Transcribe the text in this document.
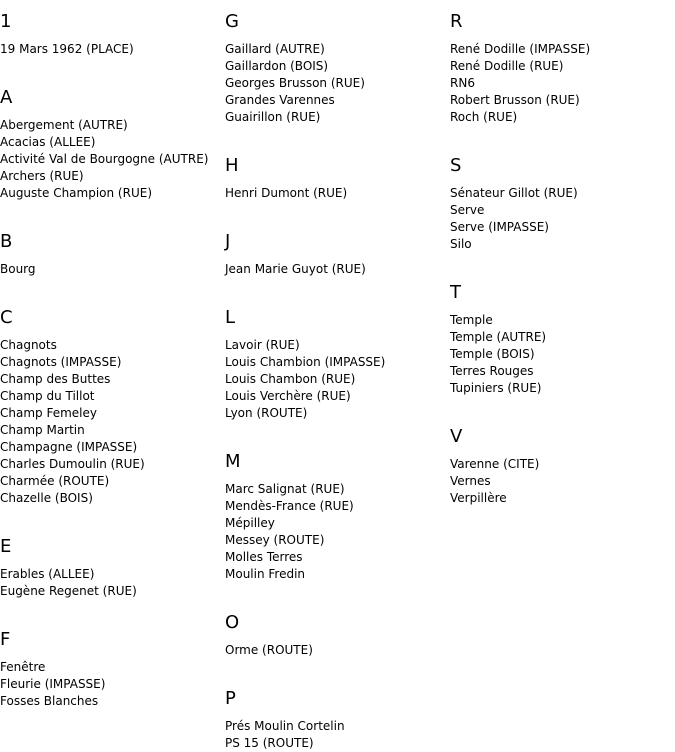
1
19 Mars 1962 (PLACE)
A
Abergement (AUTRE)
Acacias (ALLEE)
Activité Val de Bourgogne (AUTRE)
Archers (RUE)
Auguste Champion (RUE)
B
Bourg
C
Chagnots
Chagnots (IMPASSE)
Champ des Buttes
Champ du Tillot
Champ Femeley
Champ Martin
Champagne (IMPASSE)
Charles Dumoulin (RUE)
Charmée (ROUTE)
Chazelle (BOIS)
E
Erables (ALLEE)
Eugène Regenet (RUE)
F
Fenêtre
Fleurie (IMPASSE)
Fosses Blanches
G
Gaillard (AUTRE)
Gaillardon (BOIS)
Georges Brusson (RUE)
Grandes Varennes
Guairillon (RUE)
H
Henri Dumont (RUE)
J
Jean Marie Guyot (RUE)
L
Lavoir (RUE)
Louis Chambion (IMPASSE)
Louis Chambon (RUE)
Louis Verchère (RUE)
Lyon (ROUTE)
M
Marc Salignat (RUE)
Mendès-France (RUE)
Mépilley
Messey (ROUTE)
Molles Terres
Moulin Fredin
O
Orme (ROUTE)
P
Prés Moulin Cortelin
PS 15 (ROUTE)
R
René Dodille (IMPASSE)
René Dodille (RUE)
RN6
Robert Brusson (RUE)
Roch (RUE)
S
Sénateur Gillot (RUE)
Serve
Serve (IMPASSE)
Silo
T
Temple
Temple (AUTRE)
Temple (BOIS)
Terres Rouges
Tupiniers (RUE)
V
Varenne (CITE)
Vernes
Verpillère
